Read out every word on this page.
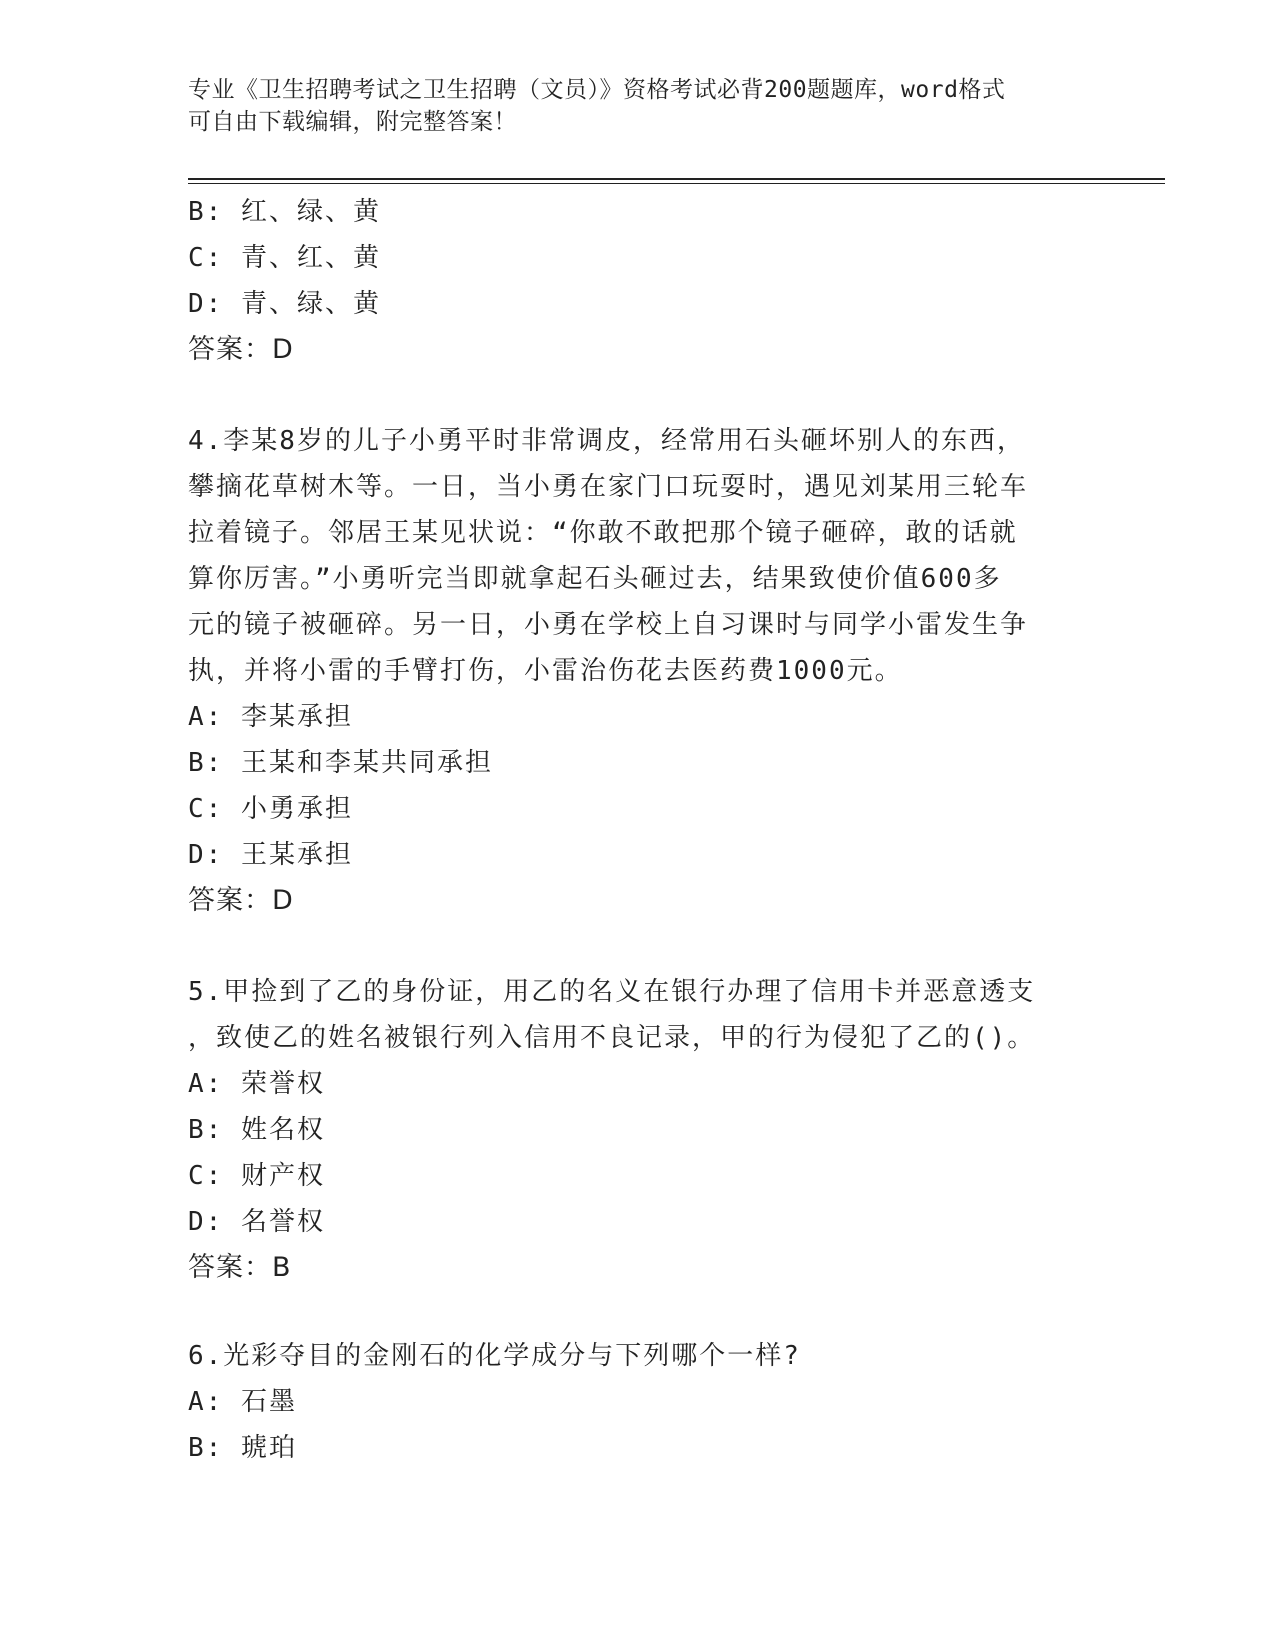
专业《卫生招聘考试之卫生招聘（文员）》资格考试必背200题题库，word格式
可自由下载编辑，附完整答案！
B: 红、绿、黄
C: 青、红、黄
D: 青、绿、黄
答案：D
4.李某8岁的儿子小勇平时非常调皮，经常用石头砸坏别人的东西，
攀摘花草树木等。一日，当小勇在家门口玩耍时，遇见刘某用三轮车
拉着镜子。邻居王某见状说：“你敢不敢把那个镜子砸碎，敢的话就
算你厉害。”小勇听完当即就拿起石头砸过去，结果致使价值600多
元的镜子被砸碎。另一日，小勇在学校上自习课时与同学小雷发生争
执，并将小雷的手臂打伤，小雷治伤花去医药费1000元。
A: 李某承担
B: 王某和李某共同承担
C: 小勇承担
D: 王某承担
答案：D
5.甲捡到了乙的身份证，用乙的名义在银行办理了信用卡并恶意透支
，致使乙的姓名被银行列入信用不良记录，甲的行为侵犯了乙的()。
A: 荣誉权
B: 姓名权
C: 财产权
D: 名誉权
答案：B
6.光彩夺目的金刚石的化学成分与下列哪个一样?
A: 石墨
B: 琥珀
